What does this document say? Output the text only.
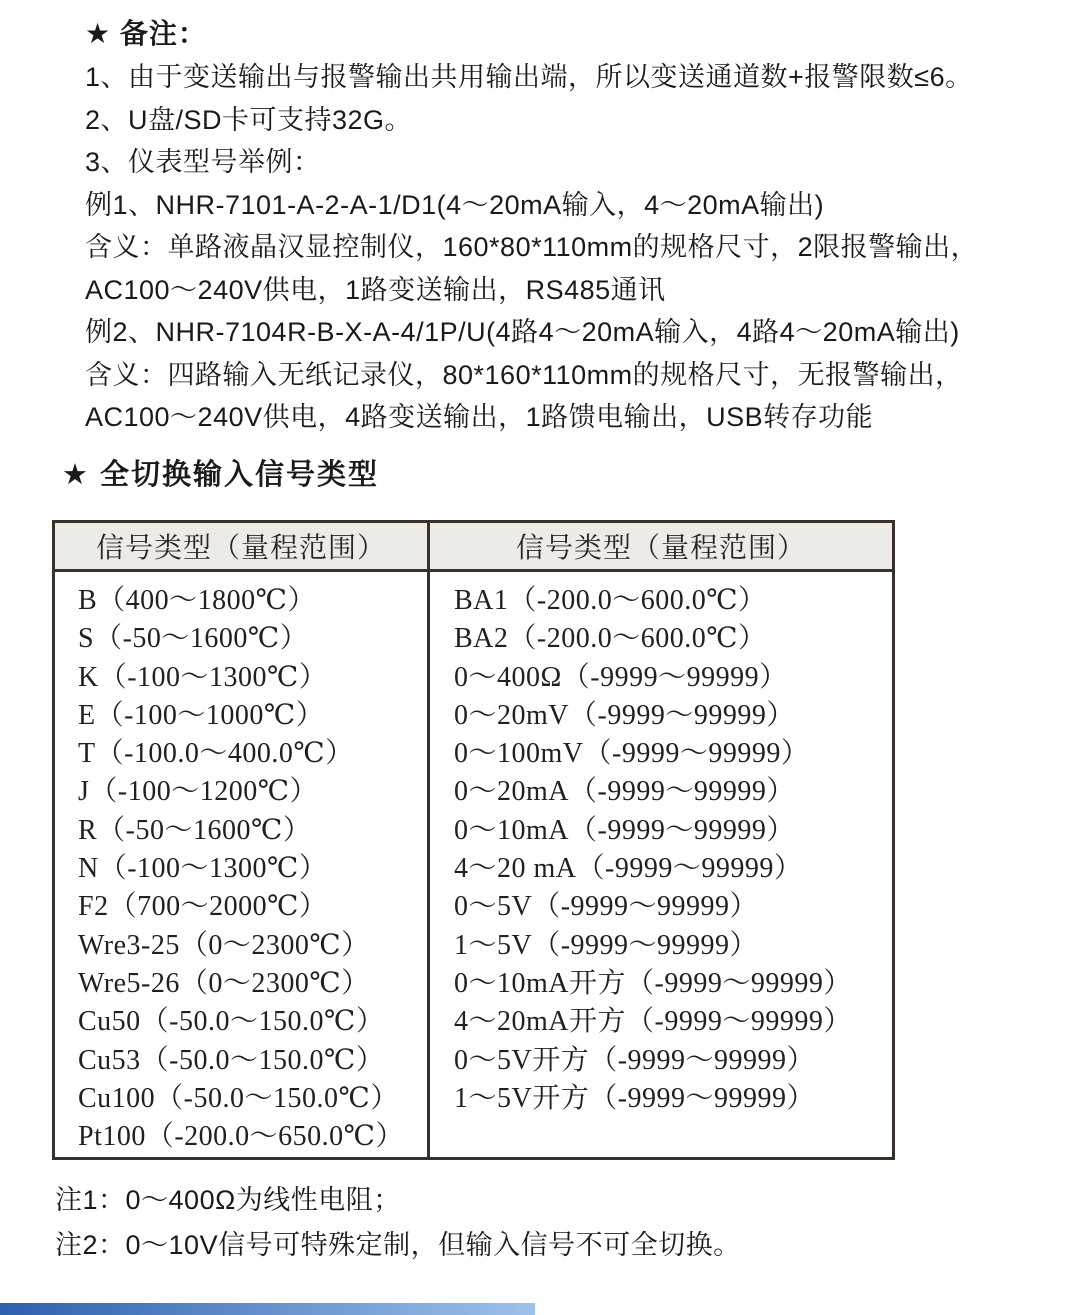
★ 备注：
1、由于变送输出与报警输出共用输出端，所以变送通道数+报警限数≤6。
2、U盘/SD卡可支持32G。
3、仪表型号举例：
例1、NHR-7101-A-2-A-1/D1(4～20mA输入，4～20mA输出)
含义：单路液晶汉显控制仪，160*80*110mm的规格尺寸，2限报警输出，
AC100～240V供电，1路变送输出，RS485通讯
例2、NHR-7104R-B-X-A-4/1P/U(4路4～20mA输入，4路4～20mA输出)
含义：四路输入无纸记录仪，80*160*110mm的规格尺寸，无报警输出，
AC100～240V供电，4路变送输出，1路馈电输出，USB转存功能
★ 全切换输入信号类型
信号类型（量程范围）	信号类型（量程范围）
B（400～1800℃）
S（-50～1600℃）
K（-100～1300℃）
E（-100～1000℃）
T（-100.0～400.0℃）
J（-100～1200℃）
R（-50～1600℃）
N（-100～1300℃）
F2（700～2000℃）
Wre3-25（0～2300℃）
Wre5-26（0～2300℃）
Cu50（-50.0～150.0℃）
Cu53（-50.0～150.0℃）
Cu100（-50.0～150.0℃）
Pt100（-200.0～650.0℃）
BA1（-200.0～600.0℃）
BA2（-200.0～600.0℃）
0～400Ω（-9999～99999）
0～20mV（-9999～99999）
0～100mV（-9999～99999）
0～20mA（-9999～99999）
0～10mA（-9999～99999）
4～20 mA（-9999～99999）
0～5V（-9999～99999）
1～5V（-9999～99999）
0～10mA开方（-9999～99999）
4～20mA开方（-9999～99999）
0～5V开方（-9999～99999）
1～5V开方（-9999～99999）
注1：0～400Ω为线性电阻；
注2：0～10V信号可特殊定制，但输入信号不可全切换。
